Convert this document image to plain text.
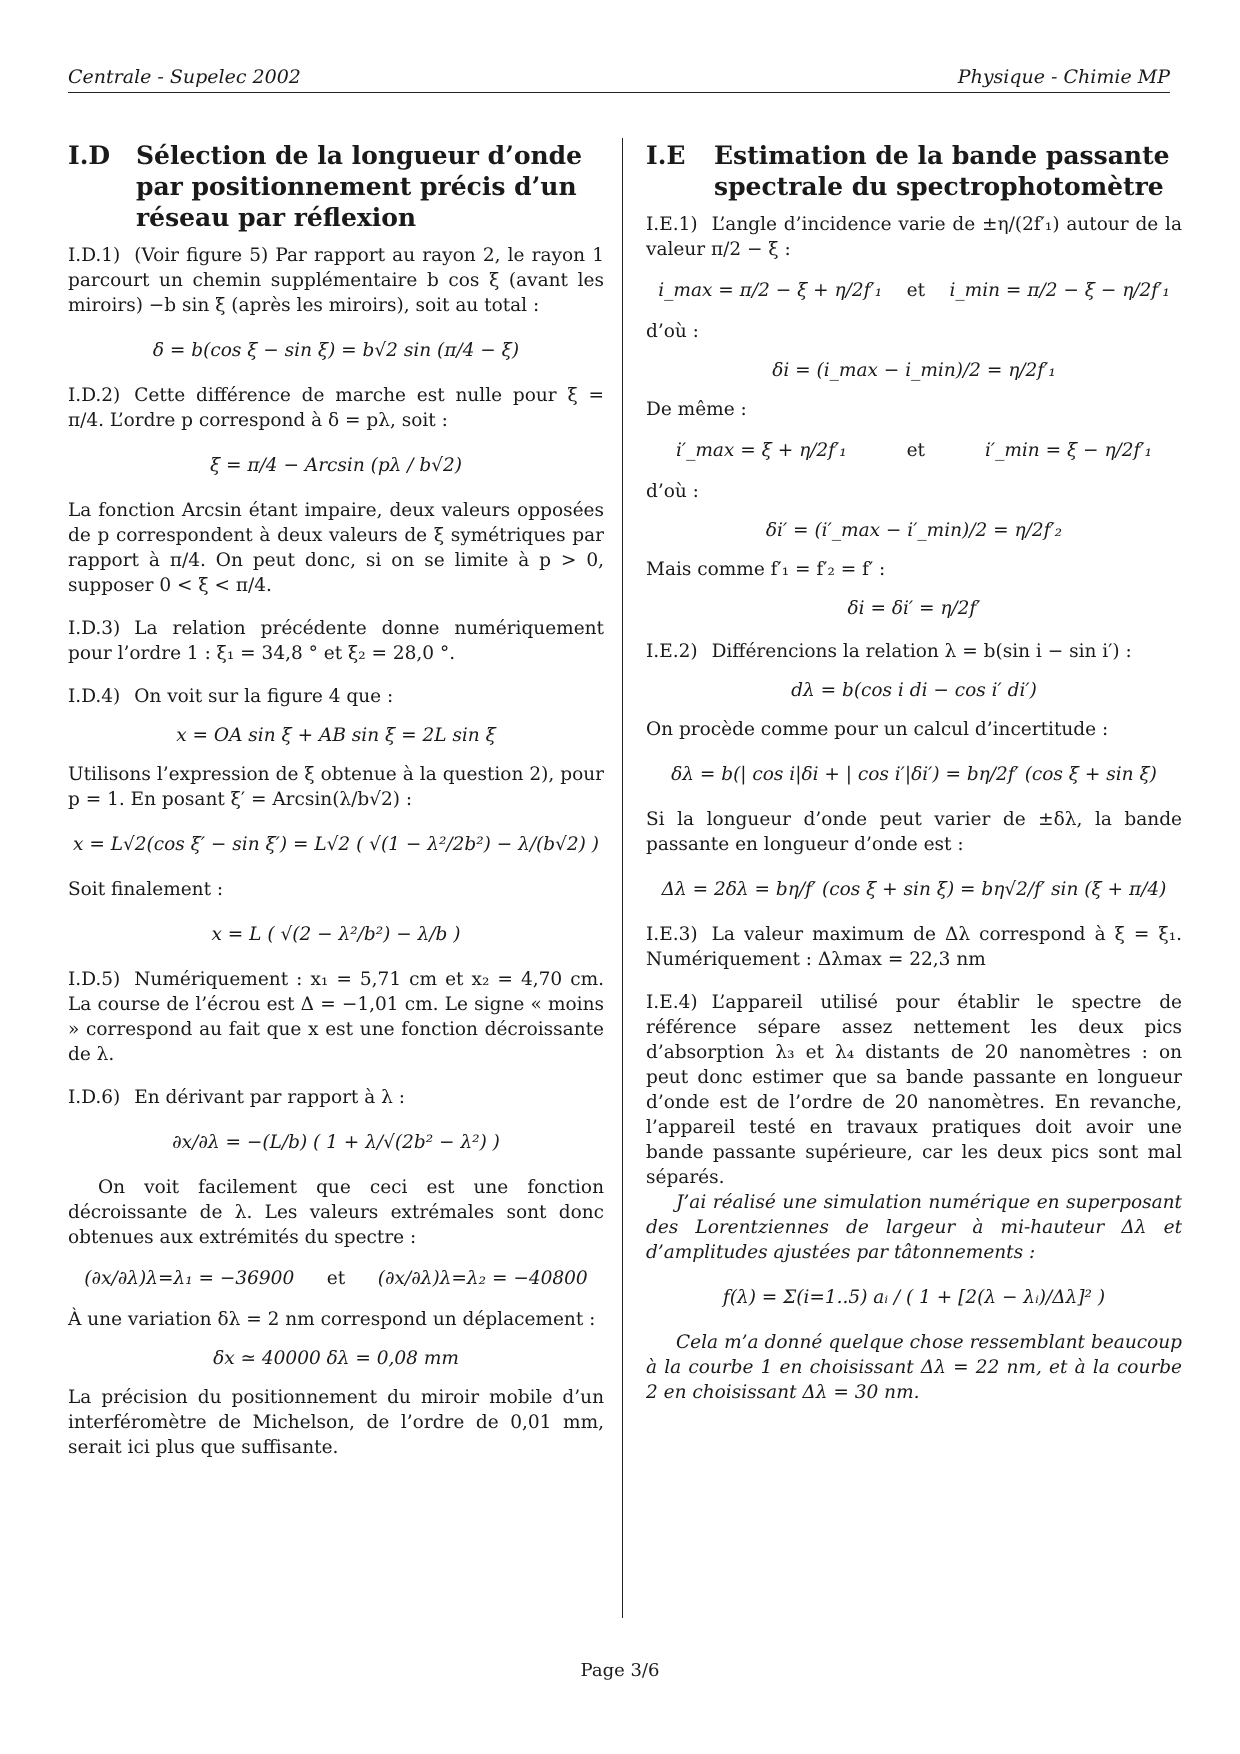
Centrale - Supelec 2002	Physique - Chimie MP
I.D	Sélection de la longueur d’onde par positionnement précis d’un réseau par réflexion

I.D.1) (Voir figure 5) Par rapport au rayon 2, le rayon 1 parcourt un chemin supplémentaire b cos ξ (avant les miroirs) −b sin ξ (après les miroirs), soit au total :

δ = b(cos ξ − sin ξ) = b√2 sin (π/4 − ξ)

I.D.2) Cette différence de marche est nulle pour ξ = π/4. L’ordre p correspond à δ = pλ, soit :

ξ = π/4 − Arcsin (pλ / b√2)

La fonction Arcsin étant impaire, deux valeurs opposées de p correspondent à deux valeurs de ξ symétriques par rapport à π/4. On peut donc, si on se limite à p > 0, supposer 0 < ξ < π/4.

I.D.3) La relation précédente donne numériquement pour l’ordre 1 : ξ₁ = 34,8 ° et ξ₂ = 28,0 °.

I.D.4) On voit sur la figure 4 que :

x = OA sin ξ + AB sin ξ = 2L sin ξ

Utilisons l’expression de ξ obtenue à la question 2), pour p = 1. En posant ξ′ = Arcsin(λ/b√2) :

x = L√2(cos ξ′ − sin ξ′) = L√2 ( √(1 − λ²/2b²) − λ/(b√2) )

Soit finalement :

x = L ( √(2 − λ²/b²) − λ/b )

I.D.5) Numériquement : x₁ = 5,71 cm et x₂ = 4,70 cm. La course de l’écrou est Δ = −1,01 cm. Le signe « moins » correspond au fait que x est une fonction décroissante de λ.

I.D.6) En dérivant par rapport à λ :

∂x/∂λ = −(L/b) ( 1 + λ/√(2b² − λ²) )

On voit facilement que ceci est une fonction décroissante de λ. Les valeurs extrémales sont donc obtenues aux extrémités du spectre :

(∂x/∂λ)λ=λ₁ = −36900 et (∂x/∂λ)λ=λ₂ = −40800

À une variation δλ = 2 nm correspond un déplacement :

δx ≃ 40000 δλ = 0,08 mm

La précision du positionnement du miroir mobile d’un interféromètre de Michelson, de l’ordre de 0,01 mm, serait ici plus que suffisante.

I.E	Estimation de la bande passante spectrale du spectrophotomètre

I.E.1) L’angle d’incidence varie de ±η/(2f′₁) autour de la valeur π/2 − ξ :

i_max = π/2 − ξ + η/2f′₁ et i_min = π/2 − ξ − η/2f′₁

d’où :

δi = (i_max − i_min)/2 = η/2f′₁

De même :

i′_max = ξ + η/2f′₁	et	i′_min = ξ − η/2f′₁

d’où :

δi′ = (i′_max − i′_min)/2 = η/2f′₂

Mais comme f′₁ = f′₂ = f′ :

δi = δi′ = η/2f′

I.E.2) Différencions la relation λ = b(sin i − sin i′) :

dλ = b(cos i di − cos i′ di′)

On procède comme pour un calcul d’incertitude :

δλ = b(| cos i|δi + | cos i′|δi′) = bη/2f′ (cos ξ + sin ξ)

Si la longueur d’onde peut varier de ±δλ, la bande passante en longueur d’onde est :

Δλ = 2δλ = bη/f′ (cos ξ + sin ξ) = bη√2/f′ sin (ξ + π/4)

I.E.3) La valeur maximum de Δλ correspond à ξ = ξ₁. Numériquement : Δλmax = 22,3 nm

I.E.4) L’appareil utilisé pour établir le spectre de référence sépare assez nettement les deux pics d’absorption λ₃ et λ₄ distants de 20 nanomètres : on peut donc estimer que sa bande passante en longueur d’onde est de l’ordre de 20 nanomètres. En revanche, l’appareil testé en travaux pratiques doit avoir une bande passante supérieure, car les deux pics sont mal séparés.

J’ai réalisé une simulation numérique en superposant des Lorentziennes de largeur à mi-hauteur Δλ et d’amplitudes ajustées par tâtonnements :

f(λ) = Σ(i=1..5) aᵢ / ( 1 + [2(λ − λᵢ)/Δλ]² )

Cela m’a donné quelque chose ressemblant beaucoup à la courbe 1 en choisissant Δλ = 22 nm, et à la courbe 2 en choisissant Δλ = 30 nm.

Page 3/6
